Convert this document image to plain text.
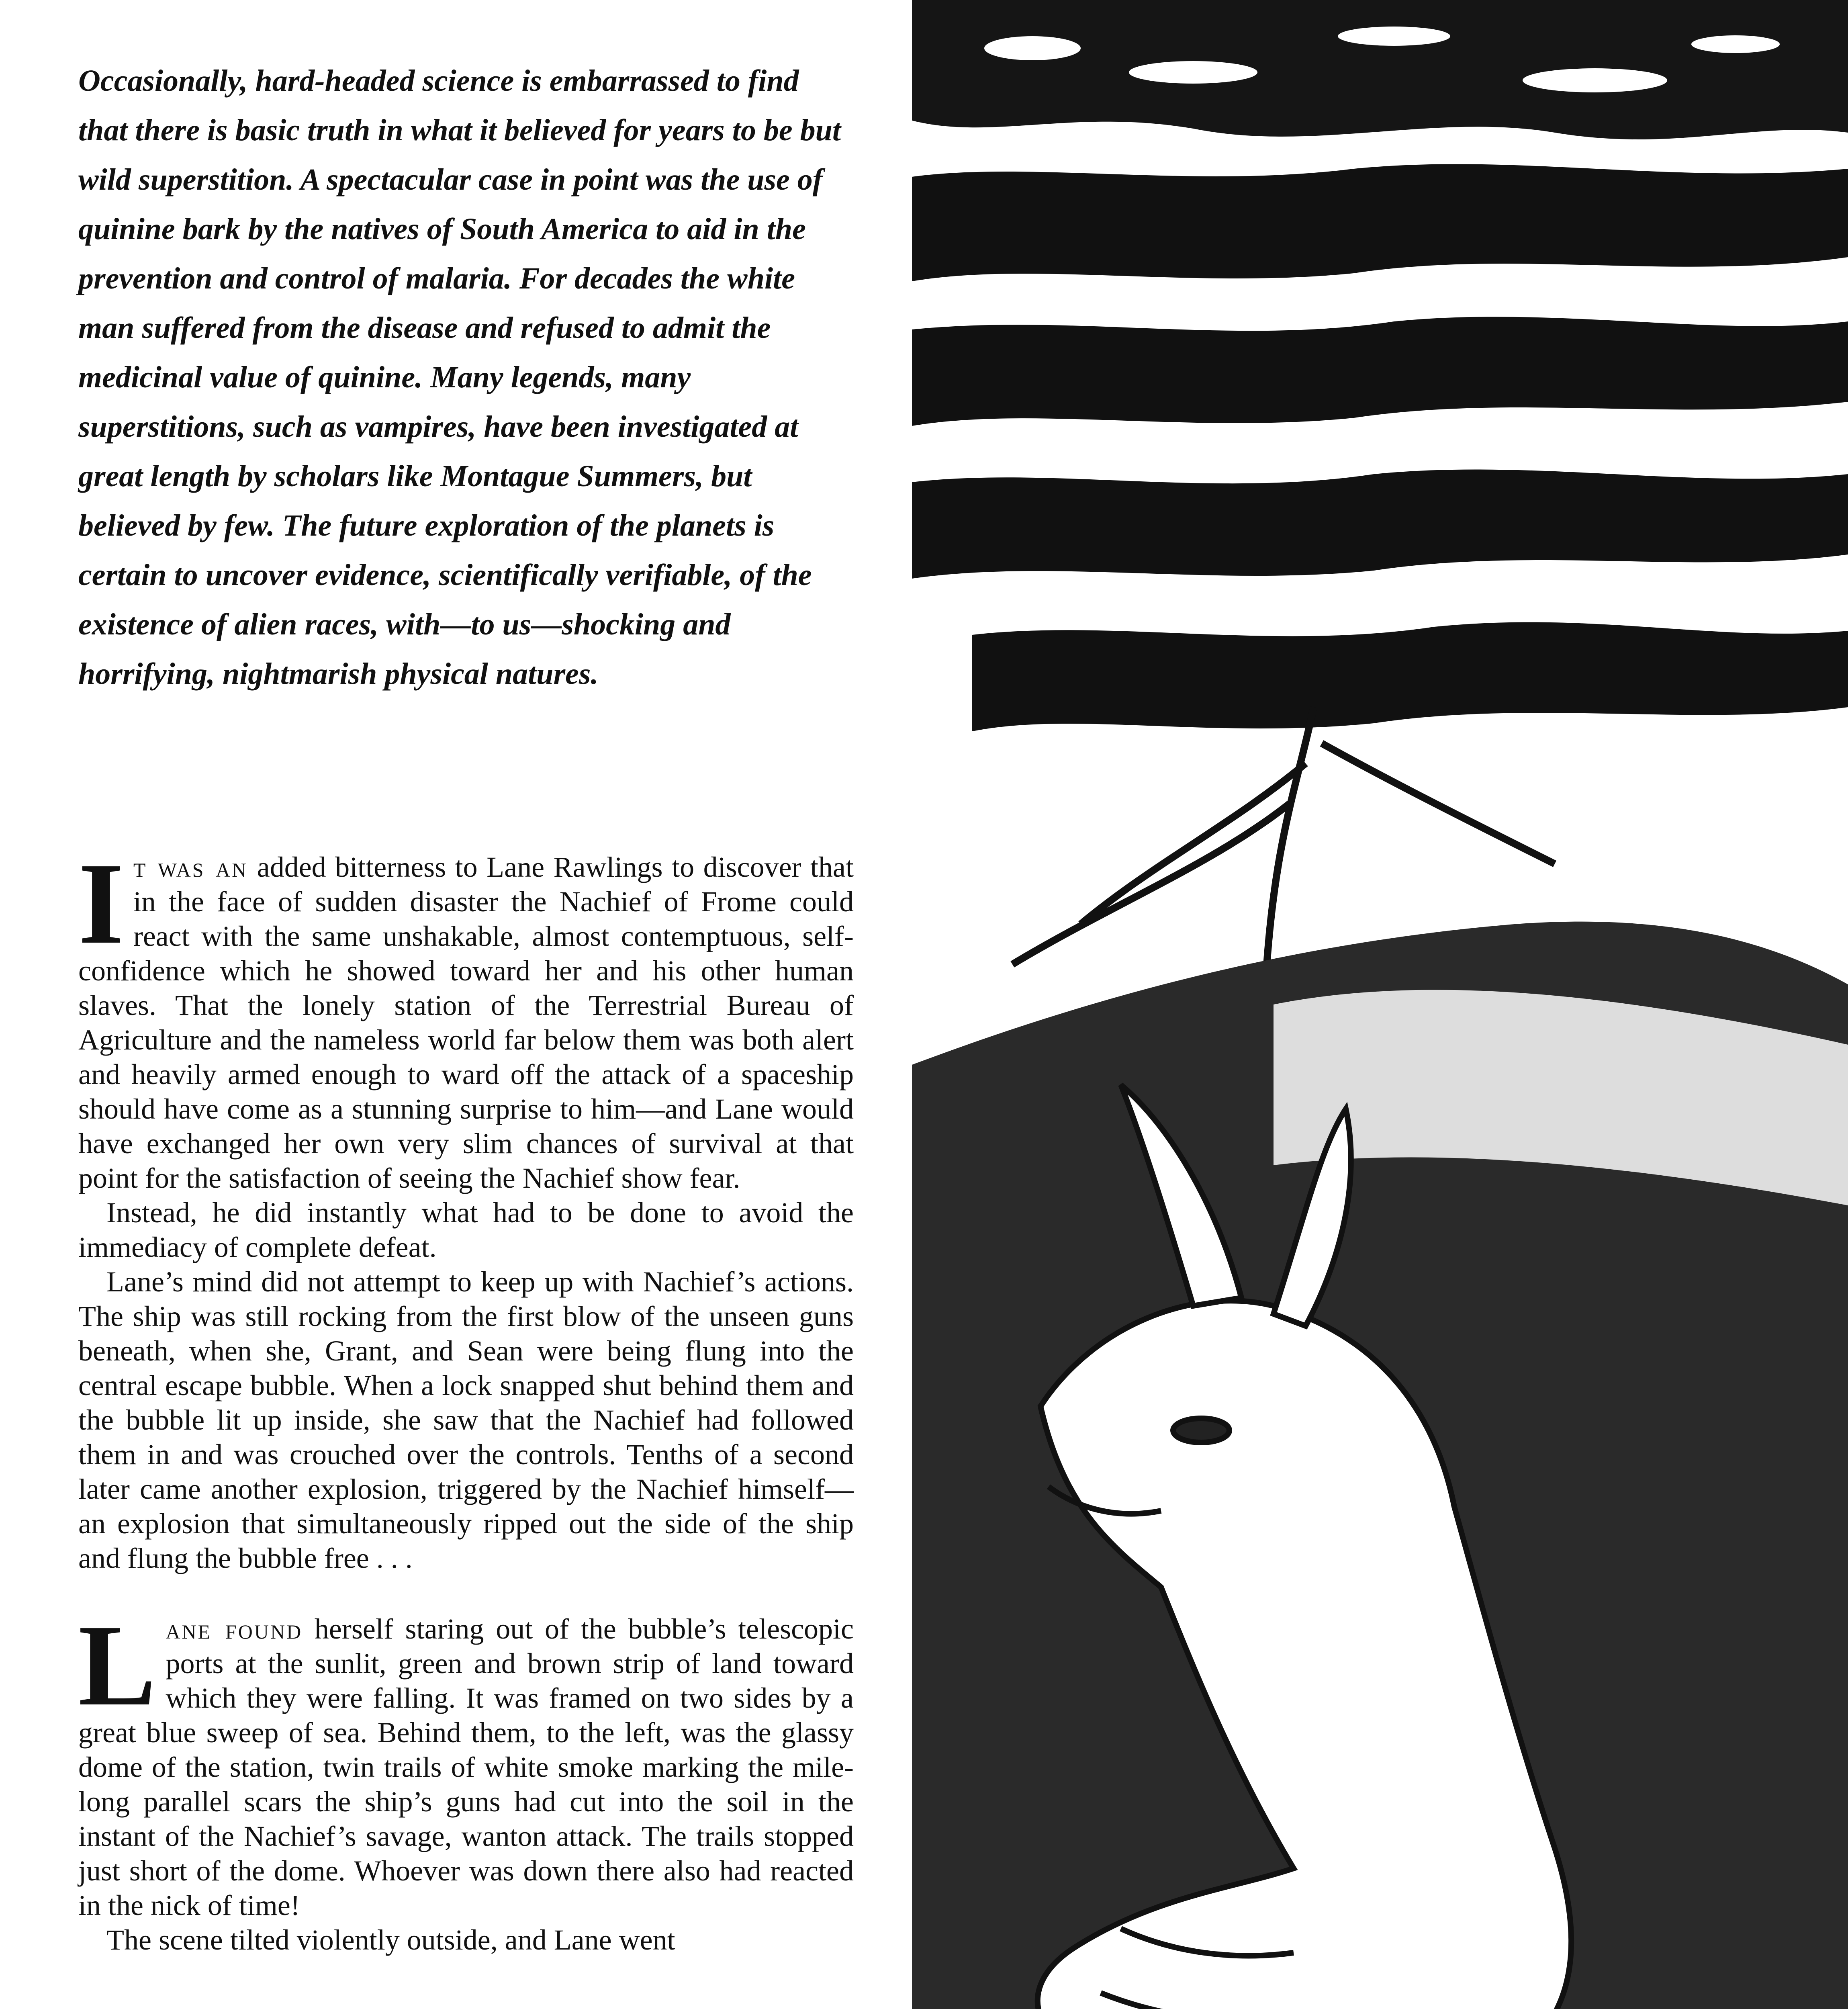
Occasionally, hard-headed science is embarrassed to find that there is basic truth in what it believed for years to be but wild superstition. A spectacular case in point was the use of quinine bark by the natives of South America to aid in the prevention and control of malaria. For decades the white man suffered from the disease and refused to admit the medicinal value of quinine. Many legends, many superstitions, such as vampires, have been investigated at great length by scholars like Montague Summers, but believed by few. The future exploration of the planets is certain to uncover evidence, scientifically verifiable, of the existence of alien races, with—to us—shocking and horrifying, nightmarish physical natures.

It was an added bitterness to Lane Rawlings to discover that in the face of sudden disaster the Nachief of Frome could react with the same unshakable, almost contemptuous, self-confidence which he showed toward her and his other human slaves. That the lonely station of the Terrestrial Bureau of Agriculture and the nameless world far below them was both alert and heavily armed enough to ward off the attack of a spaceship should have come as a stunning surprise to him—and Lane would have exchanged her own very slim chances of survival at that point for the satisfaction of seeing the Nachief show fear.

Instead, he did instantly what had to be done to avoid the immediacy of complete defeat.

Lane’s mind did not attempt to keep up with Nachief’s actions. The ship was still rocking from the first blow of the unseen guns beneath, when she, Grant, and Sean were being flung into the central escape bubble. When a lock snapped shut behind them and the bubble lit up inside, she saw that the Nachief had followed them in and was crouched over the controls. Tenths of a second later came another explosion, triggered by the Nachief himself—an explosion that simultaneously ripped out the side of the ship and flung the bubble free . . .

Lane found herself staring out of the bubble’s telescopic ports at the sunlit, green and brown strip of land toward which they were falling. It was framed on two sides by a great blue sweep of sea. Behind them, to the left, was the glassy dome of the station, twin trails of white smoke marking the mile-long parallel scars the ship’s guns had cut into the soil in the instant of the Nachief’s savage, wanton attack. The trails stopped just short of the dome. Whoever was down there also had reacted in the nick of time!

The scene tilted violently outside, and Lane went
